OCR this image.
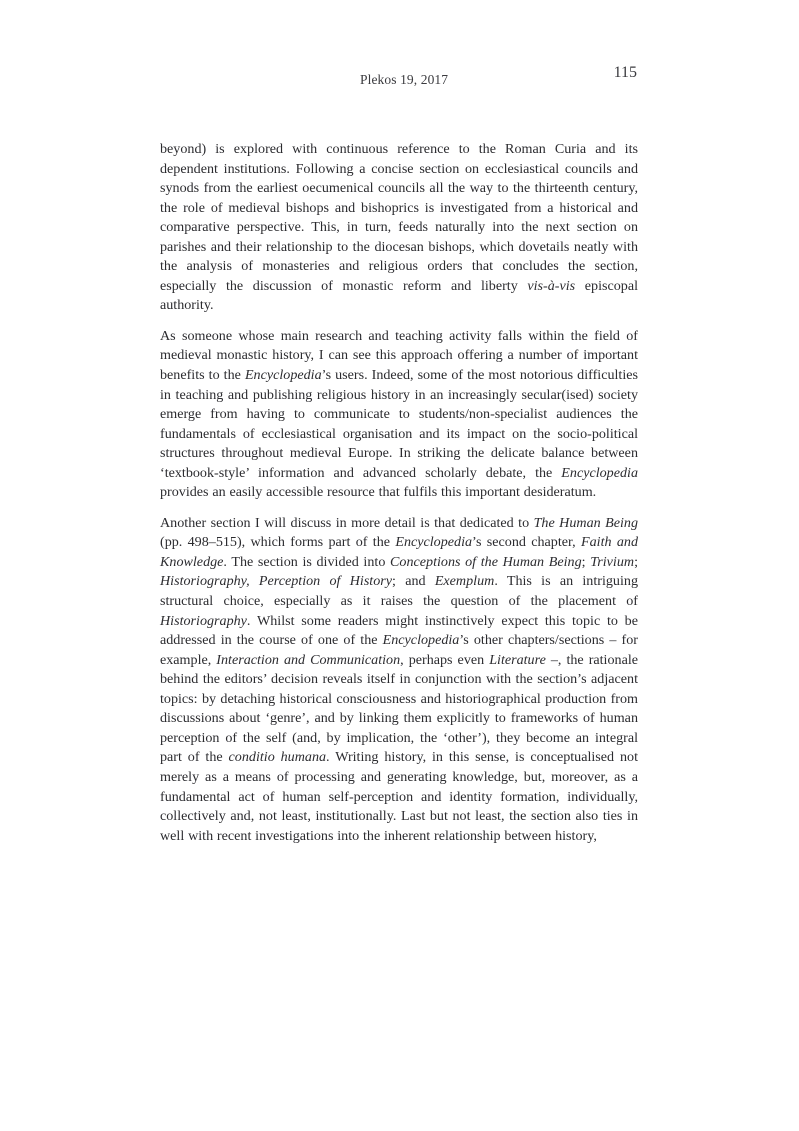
Plekos 19, 2017	115

beyond) is explored with continuous reference to the Roman Curia and its dependent institutions. Following a concise section on ecclesiastical councils and synods from the earliest oecumenical councils all the way to the thirteenth century, the role of medieval bishops and bishoprics is investigated from a historical and comparative perspective. This, in turn, feeds naturally into the next section on parishes and their relationship to the diocesan bishops, which dovetails neatly with the analysis of monasteries and religious orders that concludes the section, especially the discussion of monastic reform and liberty vis-à-vis episcopal authority.

As someone whose main research and teaching activity falls within the field of medieval monastic history, I can see this approach offering a number of important benefits to the Encyclopedia’s users. Indeed, some of the most notorious difficulties in teaching and publishing religious history in an increasingly secular(ised) society emerge from having to communicate to students/non-specialist audiences the fundamentals of ecclesiastical organisation and its impact on the socio-political structures throughout medieval Europe. In striking the delicate balance between ‘textbook-style’ information and advanced scholarly debate, the Encyclopedia provides an easily accessible resource that fulfils this important desideratum.

Another section I will discuss in more detail is that dedicated to The Human Being (pp. 498–515), which forms part of the Encyclopedia’s second chapter, Faith and Knowledge. The section is divided into Conceptions of the Human Being; Trivium; Historiography, Perception of History; and Exemplum. This is an intriguing structural choice, especially as it raises the question of the placement of Historiography. Whilst some readers might instinctively expect this topic to be addressed in the course of one of the Encyclopedia’s other chapters/sections – for example, Interaction and Communication, perhaps even Literature –, the rationale behind the editors’ decision reveals itself in conjunction with the section’s adjacent topics: by detaching historical consciousness and historiographical production from discussions about ‘genre’, and by linking them explicitly to frameworks of human perception of the self (and, by implication, the ‘other’), they become an integral part of the conditio humana. Writing history, in this sense, is conceptualised not merely as a means of processing and generating knowledge, but, moreover, as a fundamental act of human self-perception and identity formation, individually, collectively and, not least, institutionally. Last but not least, the section also ties in well with recent investigations into the inherent relationship between history,
